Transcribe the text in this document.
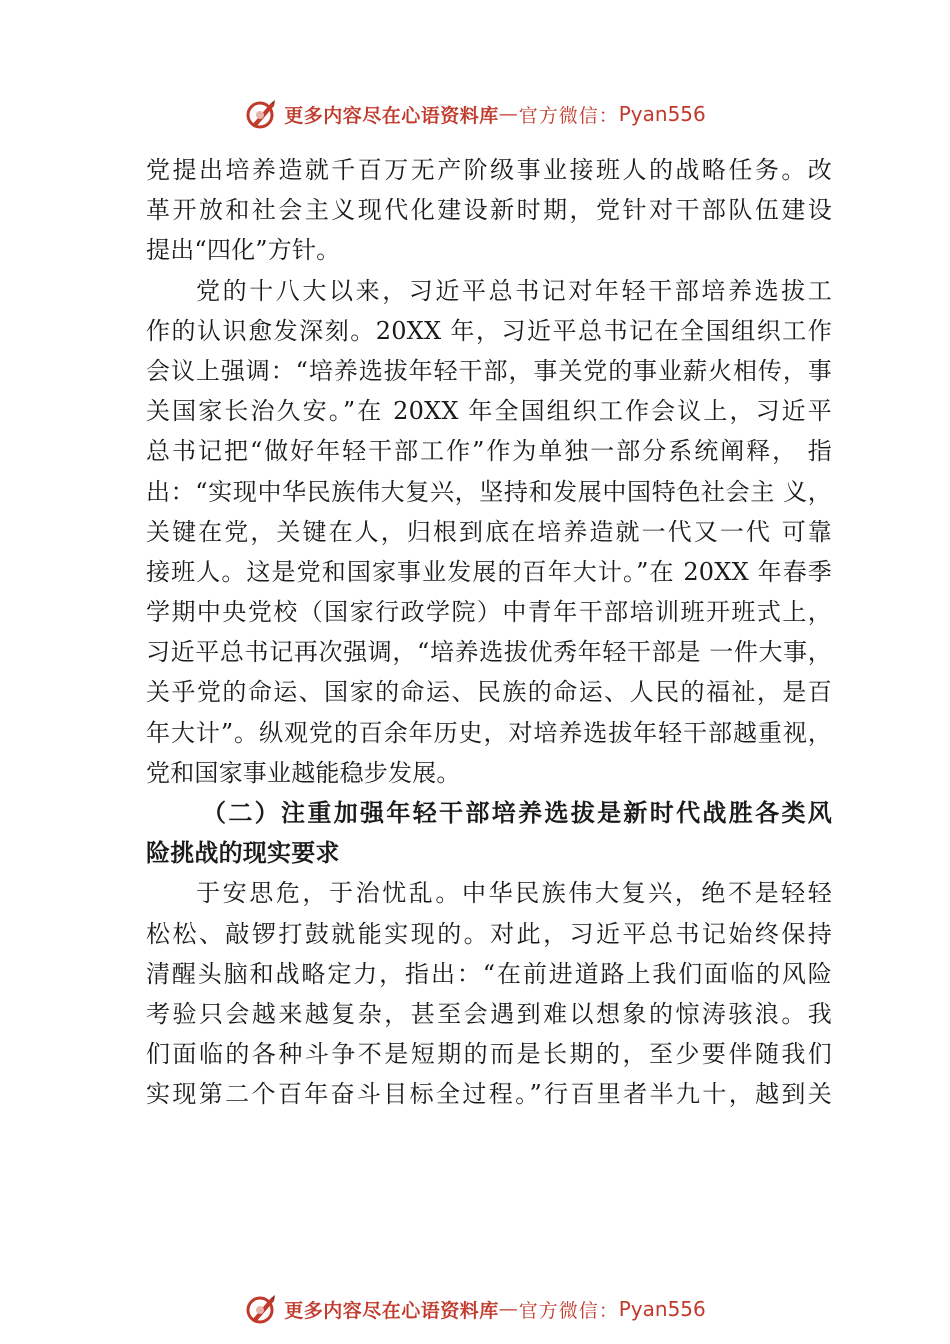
更多内容尽在心语资料库 — 官方微信： Pyan556
党提出培养造就千百万无产阶级事业接班人的战略任务。改
革开放和社会主义现代化建设新时期，党针对干部队伍建设
提出“四化”方针。
党的十八大以来，习近平总书记对年轻干部培养选拔工
作的认识愈发深刻。20XX 年，习近平总书记在全国组织工作
会议上强调：“培养选拔年轻干部，事关党的事业薪火相传，事
关国家长治久安。”在 20XX 年全国组织工作会议上，习近平
总书记把“做好年轻干部工作”作为单独一部分系统阐释， 指
出：“实现中华民族伟大复兴，坚持和发展中国特色社会主 义，
关键在党，关键在人，归根到底在培养造就一代又一代 可靠
接班人。这是党和国家事业发展的百年大计。”在 20XX 年春季
学期中央党校（国家行政学院）中青年干部培训班开班式上，
习近平总书记再次强调，“培养选拔优秀年轻干部是 一件大事，
关乎党的命运、国家的命运、民族的命运、人民的福祉，是百
年大计”。纵观党的百余年历史，对培养选拔年轻干部越重视，
党和国家事业越能稳步发展。
（二）注重加强年轻干部培养选拔是新时代战胜各类风
险挑战的现实要求
于安思危，于治忧乱。中华民族伟大复兴，绝不是轻轻
松松、敲锣打鼓就能实现的。对此，习近平总书记始终保持
清醒头脑和战略定力，指出：“在前进道路上我们面临的风险
考验只会越来越复杂，甚至会遇到难以想象的惊涛骇浪。我
们面临的各种斗争不是短期的而是长期的，至少要伴随我们
实现第二个百年奋斗目标全过程。”行百里者半九十，越到关
更多内容尽在心语资料库 — 官方微信： Pyan556
